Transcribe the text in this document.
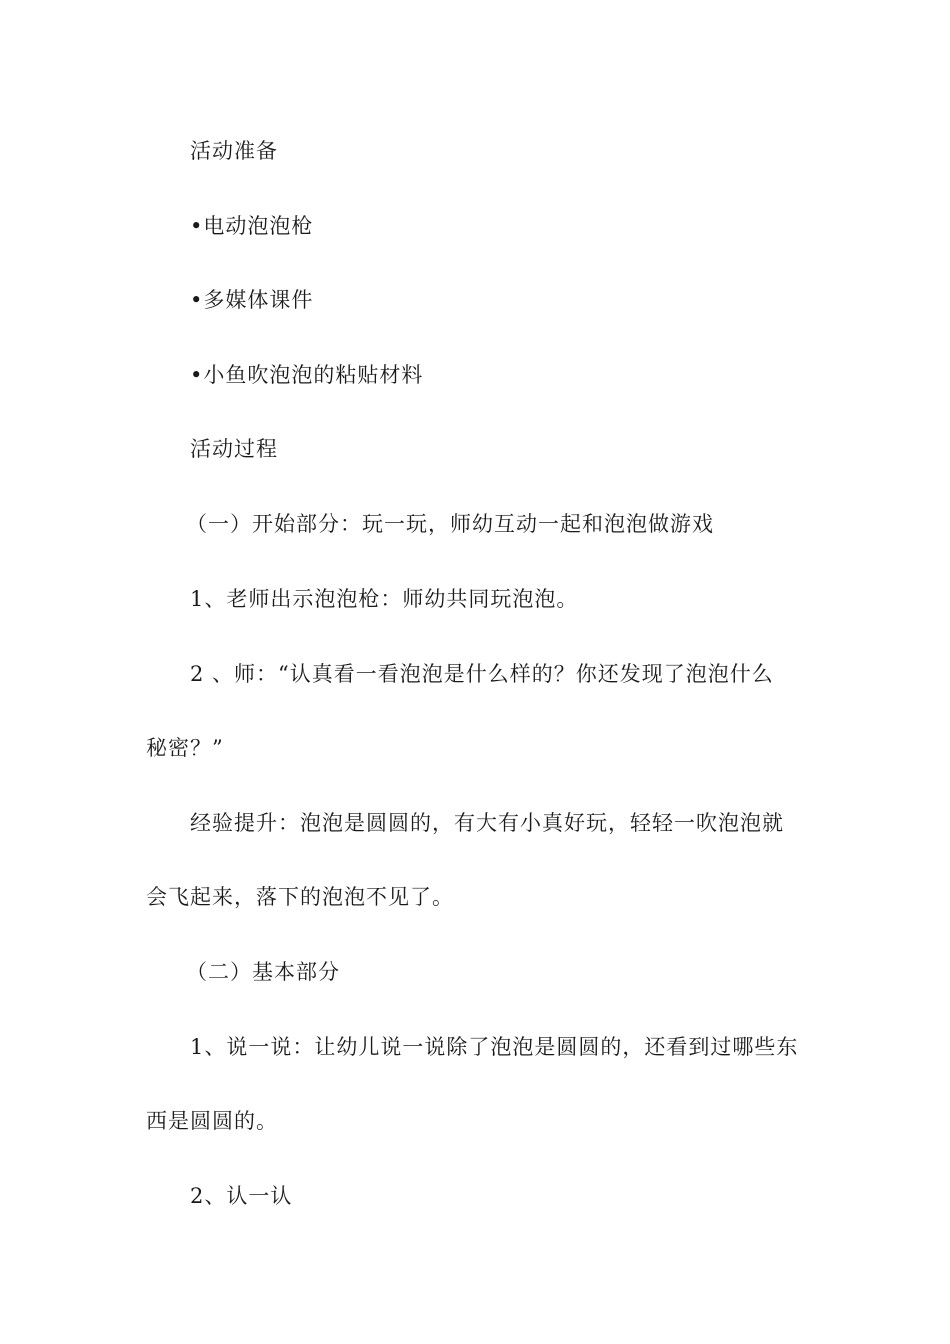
活动准备
•电动泡泡枪
•多媒体课件
•小鱼吹泡泡的粘贴材料
活动过程
（一）开始部分：玩一玩，师幼互动一起和泡泡做游戏
1、老师出示泡泡枪：师幼共同玩泡泡。
2 、师：“认真看一看泡泡是什么样的？你还发现了泡泡什么
秘密？”
经验提升：泡泡是圆圆的，有大有小真好玩，轻轻一吹泡泡就
会飞起来，落下的泡泡不见了。
（二）基本部分
1、说一说：让幼儿说一说除了泡泡是圆圆的，还看到过哪些东
西是圆圆的。
2、认一认
